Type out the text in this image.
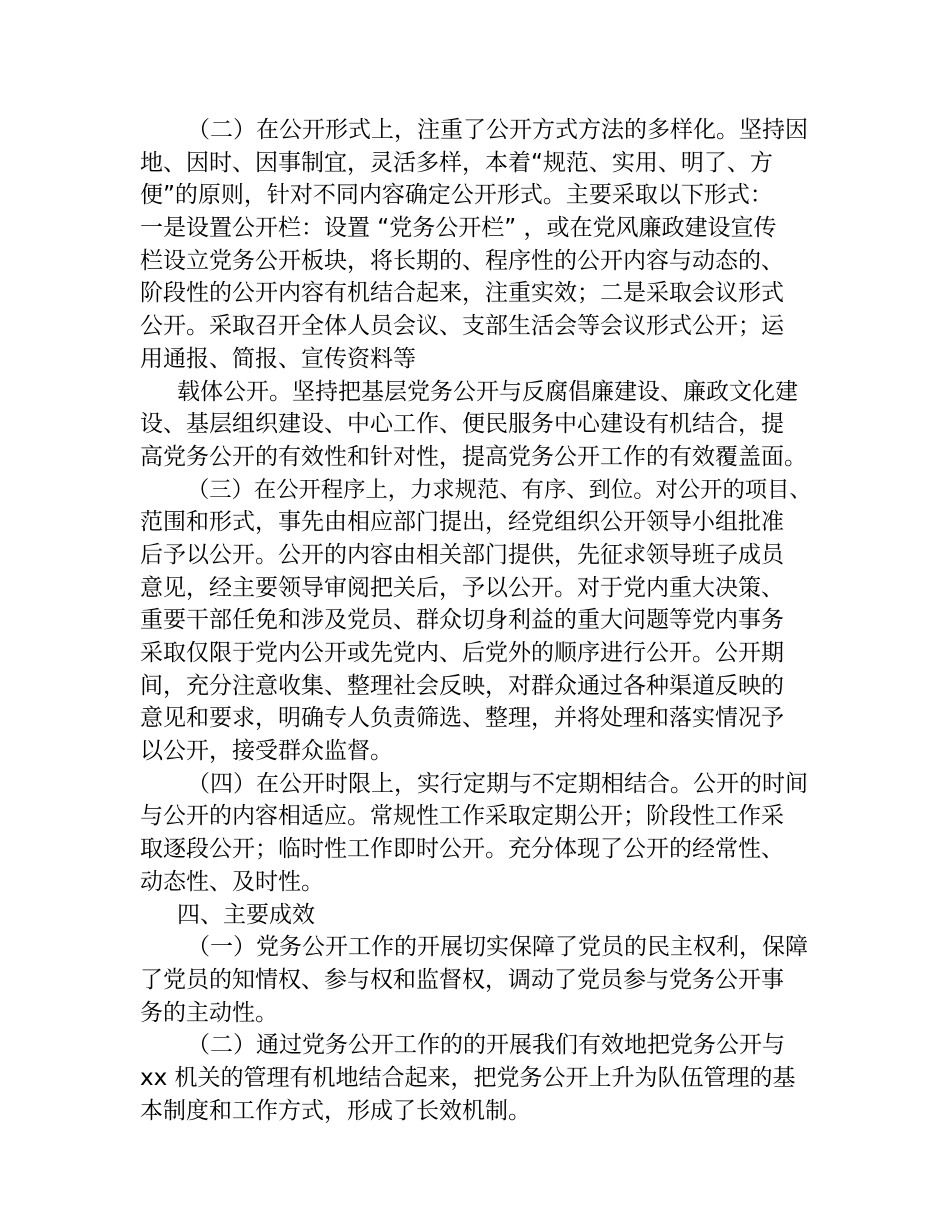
（二）在公开形式上，注重了公开方式方法的多样化。坚持因
地、因时、因事制宜，灵活多样，本着“规范、实用、明了、方
便”的原则，针对不同内容确定公开形式。主要采取以下形式：
一是设置公开栏：设置 “党务公开栏” ，或在党风廉政建设宣传
栏设立党务公开板块，将长期的、程序性的公开内容与动态的、
阶段性的公开内容有机结合起来，注重实效；二是采取会议形式
公开。采取召开全体人员会议、支部生活会等会议形式公开；运
用通报、简报、宣传资料等
载体公开。坚持把基层党务公开与反腐倡廉建设、廉政文化建
设、基层组织建设、中心工作、便民服务中心建设有机结合，提
高党务公开的有效性和针对性，提高党务公开工作的有效覆盖面。
（三）在公开程序上，力求规范、有序、到位。对公开的项目、
范围和形式，事先由相应部门提出，经党组织公开领导小组批准
后予以公开。公开的内容由相关部门提供，先征求领导班子成员
意见，经主要领导审阅把关后，予以公开。对于党内重大决策、
重要干部任免和涉及党员、群众切身利益的重大问题等党内事务
采取仅限于党内公开或先党内、后党外的顺序进行公开。公开期
间，充分注意收集、整理社会反映，对群众通过各种渠道反映的
意见和要求，明确专人负责筛选、整理，并将处理和落实情况予
以公开，接受群众监督。
（四）在公开时限上，实行定期与不定期相结合。公开的时间
与公开的内容相适应。常规性工作采取定期公开；阶段性工作采
取逐段公开；临时性工作即时公开。充分体现了公开的经常性、
动态性、及时性。
四、主要成效
（一）党务公开工作的开展切实保障了党员的民主权利，保障
了党员的知情权、参与权和监督权，调动了党员参与党务公开事
务的主动性。
（二）通过党务公开工作的的开展我们有效地把党务公开与
xx 机关的管理有机地结合起来，把党务公开上升为队伍管理的基
本制度和工作方式，形成了长效机制。
